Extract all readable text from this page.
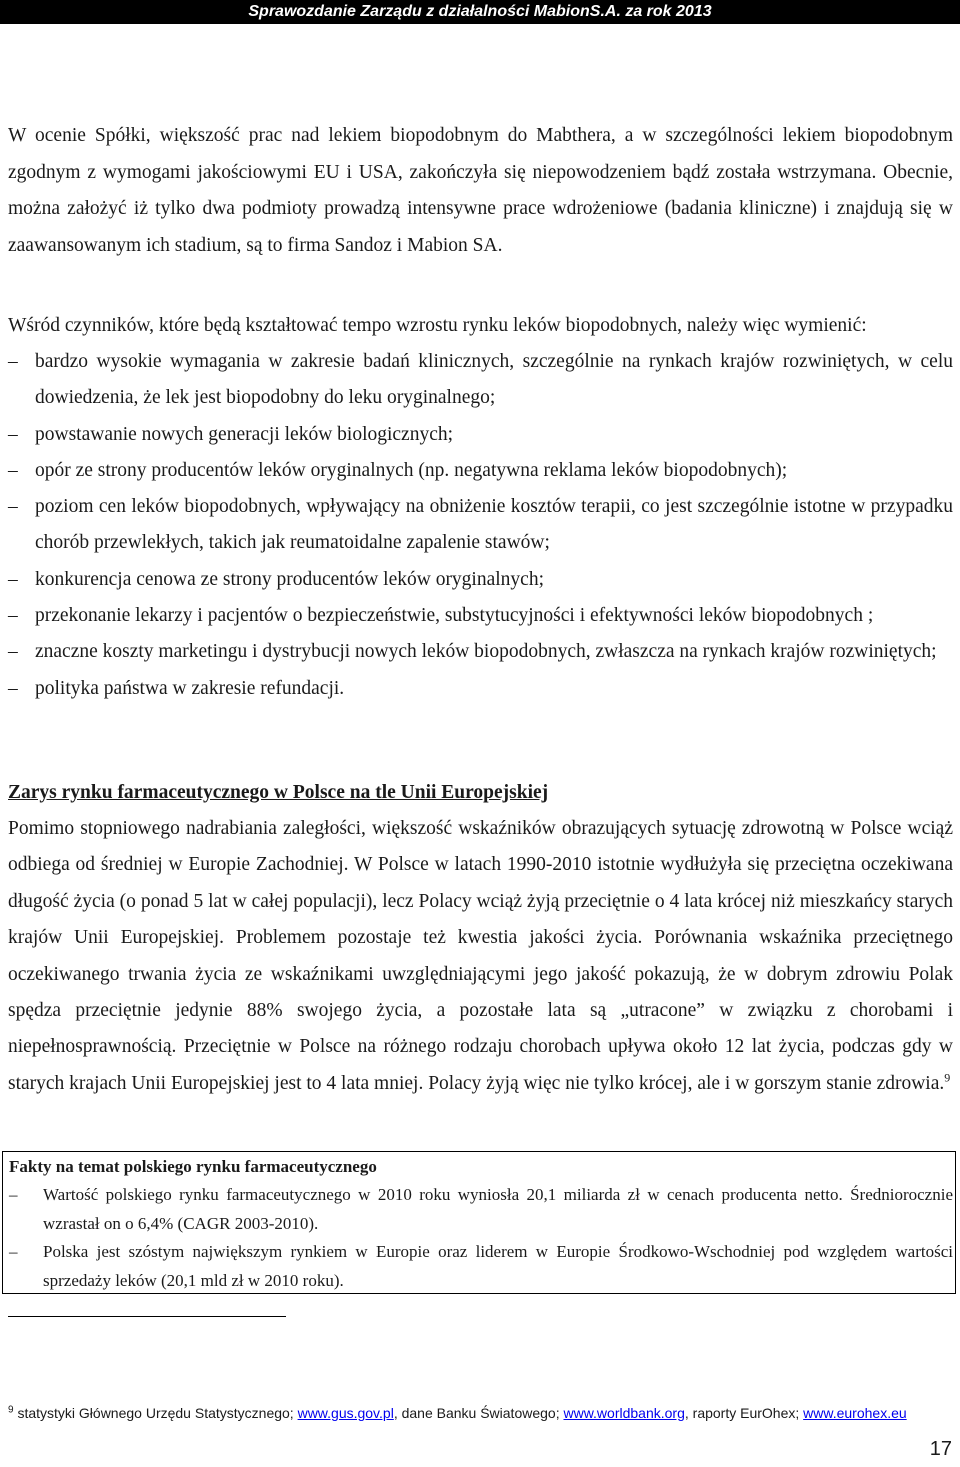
Sprawozdanie Zarządu z działalności MabionS.A. za rok 2013

W ocenie Spółki, większość prac nad lekiem biopodobnym do Mabthera, a w szczególności lekiem biopodobnym zgodnym z wymogami jakościowymi EU i USA, zakończyła się niepowodzeniem bądź została wstrzymana. Obecnie, można założyć iż tylko dwa podmioty prowadzą intensywne prace wdrożeniowe (badania kliniczne) i znajdują się w zaawansowanym ich stadium, są to firma Sandoz i Mabion SA.

Wśród czynników, które będą kształtować tempo wzrostu rynku leków biopodobnych, należy więc wymienić:

– bardzo wysokie wymagania w zakresie badań klinicznych, szczególnie na rynkach krajów rozwiniętych, w celu dowiedzenia, że lek jest biopodobny do leku oryginalnego;
– powstawanie nowych generacji leków biologicznych;
– opór ze strony producentów leków oryginalnych (np. negatywna reklama leków biopodobnych);
– poziom cen leków biopodobnych, wpływający na obniżenie kosztów terapii, co jest szczególnie istotne w przypadku chorób przewlekłych, takich jak reumatoidalne zapalenie stawów;
– konkurencja cenowa ze strony producentów leków oryginalnych;
– przekonanie lekarzy i pacjentów o bezpieczeństwie, substytucyjności i efektywności leków biopodobnych ;
– znaczne koszty marketingu i dystrybucji nowych leków biopodobnych, zwłaszcza na rynkach krajów rozwiniętych;
– polityka państwa w zakresie refundacji.
Zarys rynku farmaceutycznego w Polsce na tle Unii Europejskiej

Pomimo stopniowego nadrabiania zaległości, większość wskaźników obrazujących sytuację zdrowotną w Polsce wciąż odbiega od średniej w Europie Zachodniej. W Polsce w latach 1990-2010 istotnie wydłużyła się przeciętna oczekiwana długość życia (o ponad 5 lat w całej populacji), lecz Polacy wciąż żyją przeciętnie o 4 lata krócej niż mieszkańcy starych krajów Unii Europejskiej. Problemem pozostaje też kwestia jakości życia. Porównania wskaźnika przeciętnego oczekiwanego trwania życia ze wskaźnikami uwzględniającymi jego jakość pokazują, że w dobrym zdrowiu Polak spędza przeciętnie jedynie 88% swojego życia, a pozostałe lata są „utracone” w związku z chorobami i niepełnosprawnością. Przeciętnie w Polsce na różnego rodzaju chorobach upływa około 12 lat życia, podczas gdy w starych krajach Unii Europejskiej jest to 4 lata mniej. Polacy żyją więc nie tylko krócej, ale i w gorszym stanie zdrowia.$^9$

Fakty na temat polskiego rynku farmaceutycznego
– Wartość polskiego rynku farmaceutycznego w 2010 roku wyniosła 20,1 miliarda zł w cenach producenta netto. Średniorocznie wzrastał on o 6,4% (CAGR 2003-2010).
– Polska jest szóstym największym rynkiem w Europie oraz liderem w Europie Środkowo-Wschodniej pod względem wartości sprzedaży leków (20,1 mld zł w 2010 roku).
$^9$ statystyki Głównego Urzędu Statystycznego; www.gus.gov.pl, dane Banku Światowego; www.worldbank.org, raporty EurOhex; www.eurohex.eu
17
